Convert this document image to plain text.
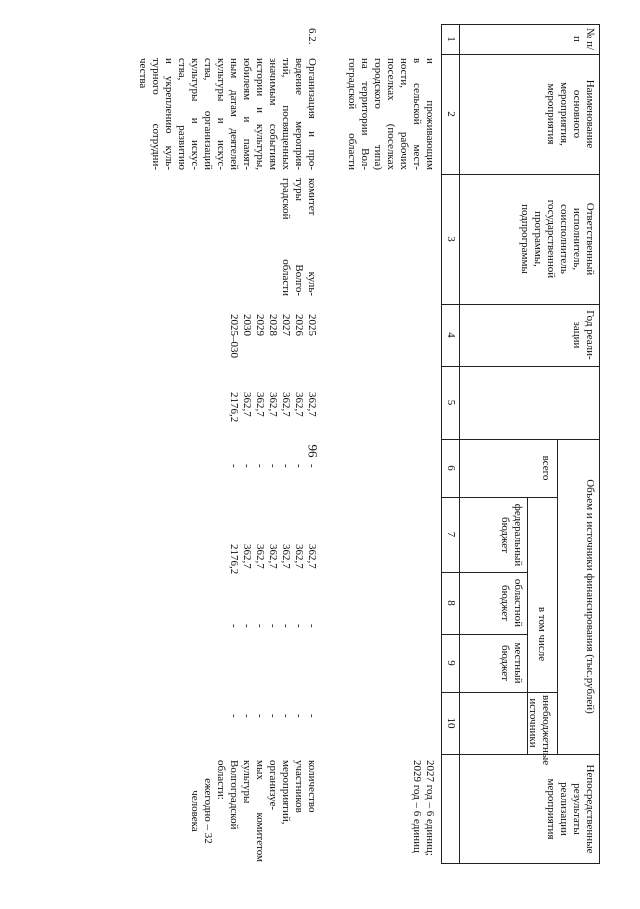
96
№ п/п
Наименование основного мероприятия, мероприятия
Ответственный исполнитель, соисполнитель государственной программы, подпрограммы
Год реали- зации
Объем и источники финансирования (тыс.рублей)
всего
в том числе
федеральный бюджет
областной бюджет
местный бюджет
внебюджетные источники
Непосредственные результаты реализации мероприятия
1
2
3
4
5
6
7
8
9
10
и проживающим
в сельской мест-
ности, рабочих
поселках (поселках
городского типа)
на территории Вол-
гоградской области
2027 год – 6 единиц;
2029 год – 6 единиц
6.2.
Организация и про-
ведение мероприя-
тий, посвященных
значимым событиям
истории и культуры,
юбилеям и памят-
ным датам деятелей
культуры и искус-
ства, организаций
культуры и искус-
ства, развитию
и укреплению куль-
турного сотрудни-
чества
комитет куль-
туры Волго-
градской области
2025
2026
2027
2028
2029
2030
2025–030
362,7
362,7
362,7
362,7
362,7
362,7
2176,2
-
-
-
-
-
-
-
362,7
362,7
362,7
362,7
362,7
362,7
2176,2
-
-
-
-
-
-
-
-
-
-
-
-
-
-
количество участников
мероприятий, организуе-
мых комитетом культуры
Волгоградской области:
ежегодно – 32 человека
